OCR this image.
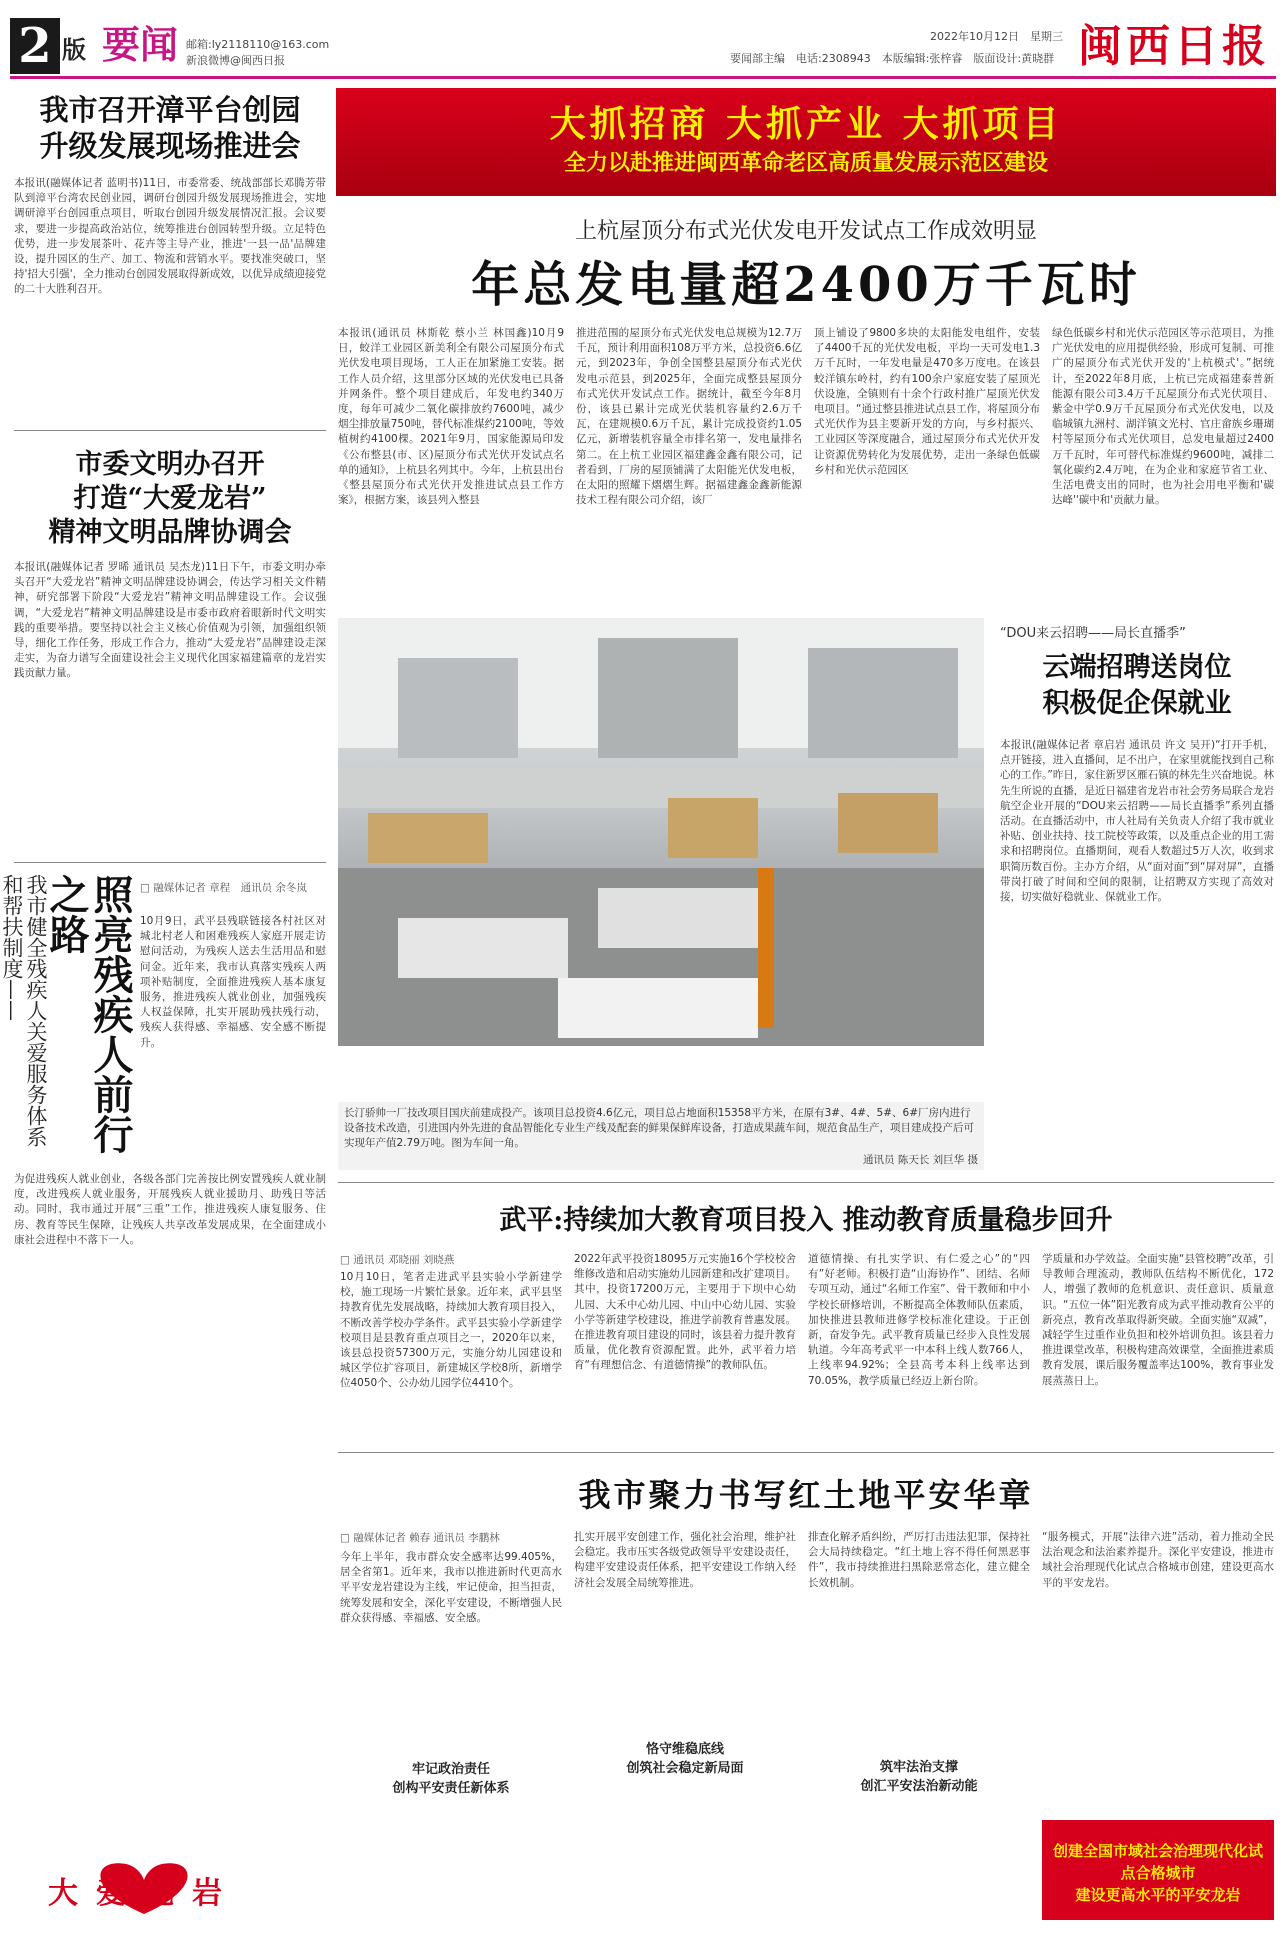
2 版 要闻 邮箱:ly2118110@163.com
新浪微博@闽西日报
2022年10月12日　星期三
要闻部主编　电话:2308943　本版编辑:张梓睿　版面设计:黄晓群 闽西日报
我市召开漳平台创园
升级发展现场推进会
本报讯(融媒体记者 蓝明书)11日，市委常委、统战部部长邓腾芳带队到漳平台湾农民创业园，调研台创园升级发展现场推进会，实地调研漳平台创园重点项目，听取台创园升级发展情况汇报。会议要求，要进一步提高政治站位，统筹推进台创园转型升级。立足特色优势，进一步发展茶叶、花卉等主导产业，推进'一县一品'品牌建设，提升园区的生产、加工、物流和营销水平。要找准突破口，坚持'招大引强'，全力推动台创园发展取得新成效，以优异成绩迎接党的二十大胜利召开。
市委文明办召开
打造“大爱龙岩”
精神文明品牌协调会
本报讯(融媒体记者 罗晞 通讯员 吴杰龙)11日下午，市委文明办牵头召开“大爱龙岩”精神文明品牌建设协调会，传达学习相关文件精神，研究部署下阶段“大爱龙岩”精神文明品牌建设工作。会议强调，“大爱龙岩”精神文明品牌建设是市委市政府着眼新时代文明实践的重要举措。要坚持以社会主义核心价值观为引领，加强组织领导，细化工作任务，形成工作合力，推动“大爱龙岩”品牌建设走深走实，为奋力谱写全面建设社会主义现代化国家福建篇章的龙岩实践贡献力量。
我市健全残疾人关爱服务体系和帮扶制度——	照亮残疾人前行之路	□ 融媒体记者 章程　通讯员 余冬岚
10月9日，武平县残联链接各村社区对城北村老人和困难残疾人家庭开展走访慰问活动，为残疾人送去生活用品和慰问金。近年来，我市认真落实残疾人两项补贴制度，全面推进残疾人基本康复服务，推进残疾人就业创业，加强残疾人权益保障，扎实开展助残扶残行动，残疾人获得感、幸福感、安全感不断提升。
为促进残疾人就业创业，各级各部门完善按比例安置残疾人就业制度，改进残疾人就业服务，开展残疾人就业援助月、助残日等活动。同时，我市通过开展“三重”工作，推进残疾人康复服务、住房、教育等民生保障，让残疾人共享改革发展成果，在全面建成小康社会进程中不落下一人。
大爱龙岩
大抓招商 大抓产业 大抓项目
全力以赴推进闽西革命老区高质量发展示范区建设
上杭屋顶分布式光伏发电开发试点工作成效明显
年总发电量超2400万千瓦时
本报讯(通讯员 林斯乾 蔡小兰 林国鑫)10月9日，蛟洋工业园区新美利全有限公司屋顶分布式光伏发电项目现场，工人正在加紧施工安装。据工作人员介绍，这里部分区域的光伏发电已具备并网条件。整个项目建成后，年发电约340万度，每年可减少二氧化碳排放约7600吨，减少烟尘排放量750吨，替代标准煤约2100吨，等效植树约4100棵。2021年9月，国家能源局印发《公布整县(市、区)屋顶分布式光伏开发试点名单的通知》，上杭县名列其中。今年，上杭县出台《整县屋顶分布式光伏开发推进试点县工作方案》，根据方案，该县列入整县
推进范围的屋顶分布式光伏发电总规模为12.7万千瓦，预计利用面积108万平方米，总投资6.6亿元，到2023年，争创全国整县屋顶分布式光伏发电示范县，到2025年，全面完成整县屋顶分布式光伏开发试点工作。据统计，截至今年8月份，该县已累计完成光伏装机容量约2.6万千瓦，在建规模0.6万千瓦，累计完成投资约1.05亿元，新增装机容量全市排名第一，发电量排名第二。在上杭工业园区福建鑫金鑫有限公司，记者看到，厂房的屋顶铺满了太阳能光伏发电板，在太阳的照耀下熠熠生辉。据福建鑫金鑫新能源技术工程有限公司介绍，该厂
顶上铺设了9800多块的太阳能发电组件，安装了4400千瓦的光伏发电板，平均一天可发电1.3万千瓦时，一年发电量是470多万度电。在该县蛟洋镇东岭村，约有100余户家庭安装了屋顶光伏设施，全镇则有十余个行政村推广屋顶光伏发电项目。“通过整县推进试点县工作，将屋顶分布式光伏作为县主要新开发的方向，与乡村振兴、工业园区等深度融合，通过屋顶分布式光伏开发让资源优势转化为发展优势，走出一条绿色低碳乡村和光伏示范园区
绿色低碳乡村和光伏示范园区等示范项目，为推广光伏发电的应用提供经验，形成可复制、可推广的屋顶分布式光伏开发的'上杭模式'。”据统计，至2022年8月底，上杭已完成福建泰普新能源有限公司3.4万千瓦屋顶分布式光伏项目、紫金中学0.9万千瓦屋顶分布式光伏发电，以及临城镇九洲村、湖洋镇文光村、官庄畲族乡珊瑚村等屋顶分布式光伏项目，总发电量超过2400万千瓦时，年可替代标准煤约9600吨，减排二氧化碳约2.4万吨，在为企业和家庭节省工业、生活电费支出的同时，也为社会用电平衡和'碳达峰''碳中和'贡献力量。
长汀骄帅一厂技改项目国庆前建成投产。该项目总投资4.6亿元，项目总占地面积15358平方米，在原有3#、4#、5#、6#厂房内进行设备技术改造，引进国内外先进的食品智能化专业生产线及配套的鲜果保鲜库设备，打造成果蔬车间，规范食品生产，项目建成投产后可实现年产值2.79万吨。图为车间一角。
通讯员 陈天长 刘巨华 摄
“DOU来云招聘——局长直播季”
云端招聘送岗位
积极促企保就业
本报讯(融媒体记者 章启岩 通讯员 许文 吴开)“打开手机，点开链接，进入直播间，足不出户，在家里就能找到自己称心的工作。”昨日，家住新罗区雁石镇的林先生兴奋地说。林先生所说的直播，是近日福建省龙岩市社会劳务局联合龙岩航空企业开展的“DOU来云招聘——局长直播季”系列直播活动。在直播活动中，市人社局有关负责人介绍了我市就业补贴、创业扶持、技工院校等政策，以及重点企业的用工需求和招聘岗位。直播期间，观看人数超过5万人次，收到求职简历数百份。主办方介绍，从“面对面”到“屏对屏”，直播带岗打破了时间和空间的限制，让招聘双方实现了高效对接，切实做好稳就业、保就业工作。
武平:持续加大教育项目投入 推动教育质量稳步回升
□ 通讯员 邓晓丽 刘晓燕
10月10日，笔者走进武平县实验小学新建学校，施工现场一片繁忙景象。近年来，武平县坚持教育优先发展战略，持续加大教育项目投入，不断改善学校办学条件。武平县实验小学新建学校项目是县教育重点项目之一，2020年以来，该县总投资57300万元，实施分幼儿园建设和城区学位扩容项目，新建城区学校8所，新增学位4050个、公办幼儿园学位4410个。
2022年武平投资18095万元实施16个学校校舍维修改造和启动实施幼儿园新建和改扩建项目。其中，投资17200万元，主要用于下坝中心幼儿园、大禾中心幼儿园、中山中心幼儿园、实验小学等新建学校建设，推进学前教育普惠发展。在推进教育项目建设的同时，该县着力提升教育质量，优化教育资源配置。此外，武平着力培育“有理想信念、有道德情操”的教师队伍。
道德情操、有扎实学识、有仁爱之心”的“四有”好老师。积极打造“山海协作”、团结、名师专项互动，通过“名师工作室”、骨干教师和中小学校长研修培训，不断提高全体教师队伍素质，加快推进县教师进修学校标准化建设。于正创新，奋发争先。武平教育质量已经步入良性发展轨道。今年高考武平一中本科上线人数766人，上线率94.92%；全县高考本科上线率达到70.05%，教学质量已经迈上新台阶。
学质量和办学效益。全面实施“县管校聘”改革，引导教师合理流动，教师队伍结构不断优化，172人，增强了教师的危机意识、责任意识、质量意识。“五位一体”阳光教育成为武平推动教育公平的新亮点，教育改革取得新突破。全面实施“双减”，减轻学生过重作业负担和校外培训负担。该县着力推进课堂改革，积极构建高效课堂，全面推进素质教育发展，课后服务覆盖率达100%，教育事业发展蒸蒸日上。
我市聚力书写红土地平安华章
□ 融媒体记者 赖春 通讯员 李鹏林
今年上半年，我市群众安全感率达99.405%，居全省第1。近年来，我市以推进新时代更高水平平安龙岩建设为主线，牢记使命，担当担责，统筹发展和安全，深化平安建设，不断增强人民群众获得感、幸福感、安全感。
牢记政治责任
创构平安责任新体系
扎实开展平安创建工作，强化社会治理，维护社会稳定。我市压实各级党政领导平安建设责任，构建平安建设责任体系，把平安建设工作纳入经济社会发展全局统筹推进。
恪守维稳底线
创筑社会稳定新局面
排查化解矛盾纠纷，严厉打击违法犯罪，保持社会大局持续稳定。“红土地上容不得任何黑恶事件”，我市持续推进扫黑除恶常态化，建立健全长效机制。
筑牢法治支撑
创汇平安法治新动能
“服务模式，开展“法律六进”活动，着力推动全民法治观念和法治素养提升。深化平安建设，推进市域社会治理现代化试点合格城市创建，建设更高水平的平安龙岩。
创建全国市域社会治理现代化试点合格城市
建设更高水平的平安龙岩
